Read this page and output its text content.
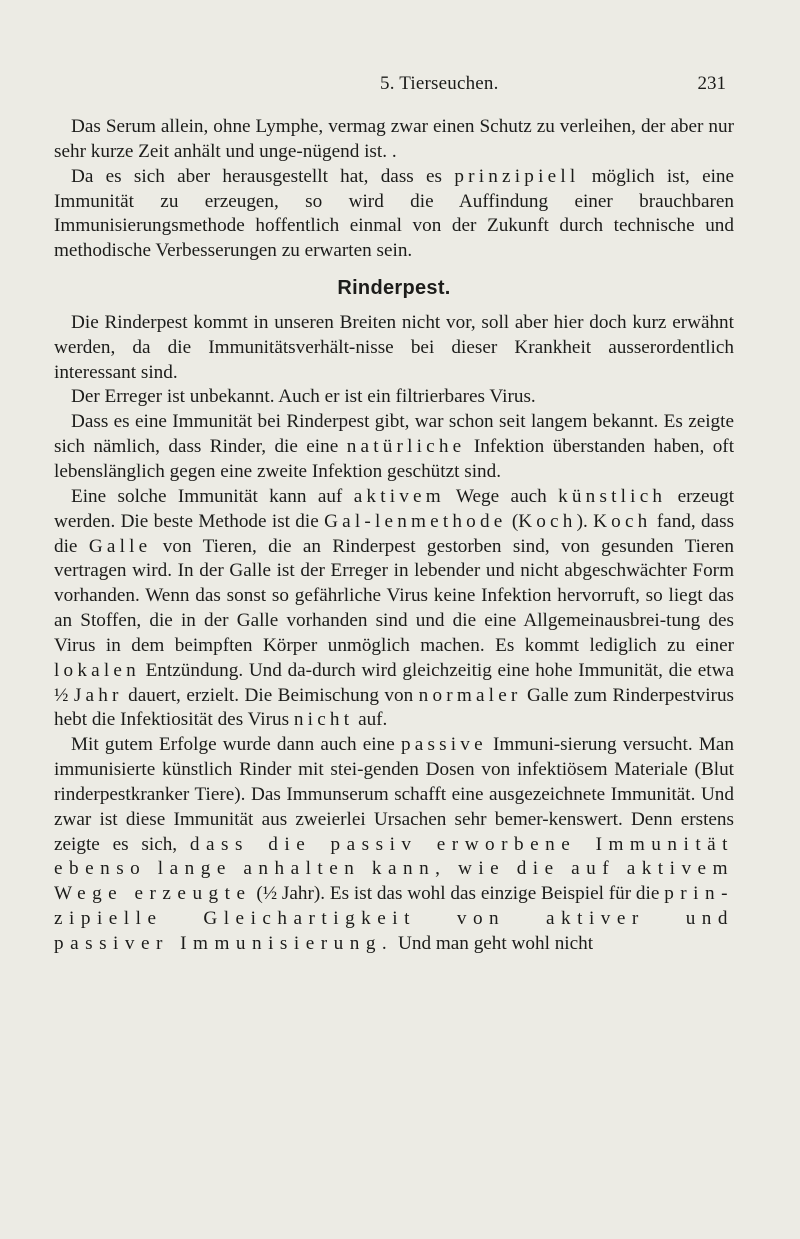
5. Tierseuchen.	231

Das Serum allein, ohne Lymphe, vermag zwar einen Schutz zu verleihen, der aber nur sehr kurze Zeit anhält und unge-nügend ist. .

Da es sich aber herausgestellt hat, dass es prinzipiell möglich ist, eine Immunität zu erzeugen, so wird die Auffindung einer brauchbaren Immunisierungsmethode hoffentlich einmal von der Zukunft durch technische und methodische Verbesserungen zu erwarten sein.

Rinderpest.

Die Rinderpest kommt in unseren Breiten nicht vor, soll aber hier doch kurz erwähnt werden, da die Immunitätsverhält-nisse bei dieser Krankheit ausserordentlich interessant sind.

Der Erreger ist unbekannt. Auch er ist ein filtrierbares Virus.

Dass es eine Immunität bei Rinderpest gibt, war schon seit langem bekannt. Es zeigte sich nämlich, dass Rinder, die eine natürliche Infektion überstanden haben, oft lebenslänglich gegen eine zweite Infektion geschützt sind.

Eine solche Immunität kann auf aktivem Wege auch künstlich erzeugt werden. Die beste Methode ist die Gal-lenmethode (Koch). Koch fand, dass die Galle von Tieren, die an Rinderpest gestorben sind, von gesunden Tieren vertragen wird. In der Galle ist der Erreger in lebender und nicht abgeschwächter Form vorhanden. Wenn das sonst so gefährliche Virus keine Infektion hervorruft, so liegt das an Stoffen, die in der Galle vorhanden sind und die eine Allgemeinausbrei-tung des Virus in dem beimpften Körper unmöglich machen. Es kommt lediglich zu einer lokalen Entzündung. Und da-durch wird gleichzeitig eine hohe Immunität, die etwa ½ Jahr dauert, erzielt. Die Beimischung von normaler Galle zum Rinderpestvirus hebt die Infektiosität des Virus nicht auf.

Mit gutem Erfolge wurde dann auch eine passive Immuni-sierung versucht. Man immunisierte künstlich Rinder mit stei-genden Dosen von infektiösem Materiale (Blut rinderpestkranker Tiere). Das Immunserum schafft eine ausgezeichnete Immunität. Und zwar ist diese Immunität aus zweierlei Ursachen sehr bemer-kenswert. Denn erstens zeigte es sich, dass die passiv erworbene Immunität ebenso lange anhalten kann, wie die auf aktivem Wege erzeugte (½ Jahr). Es ist das wohl das einzige Beispiel für die prin-zipielle Gleichartigkeit von aktiver und passiver Immunisierung. Und man geht wohl nicht
